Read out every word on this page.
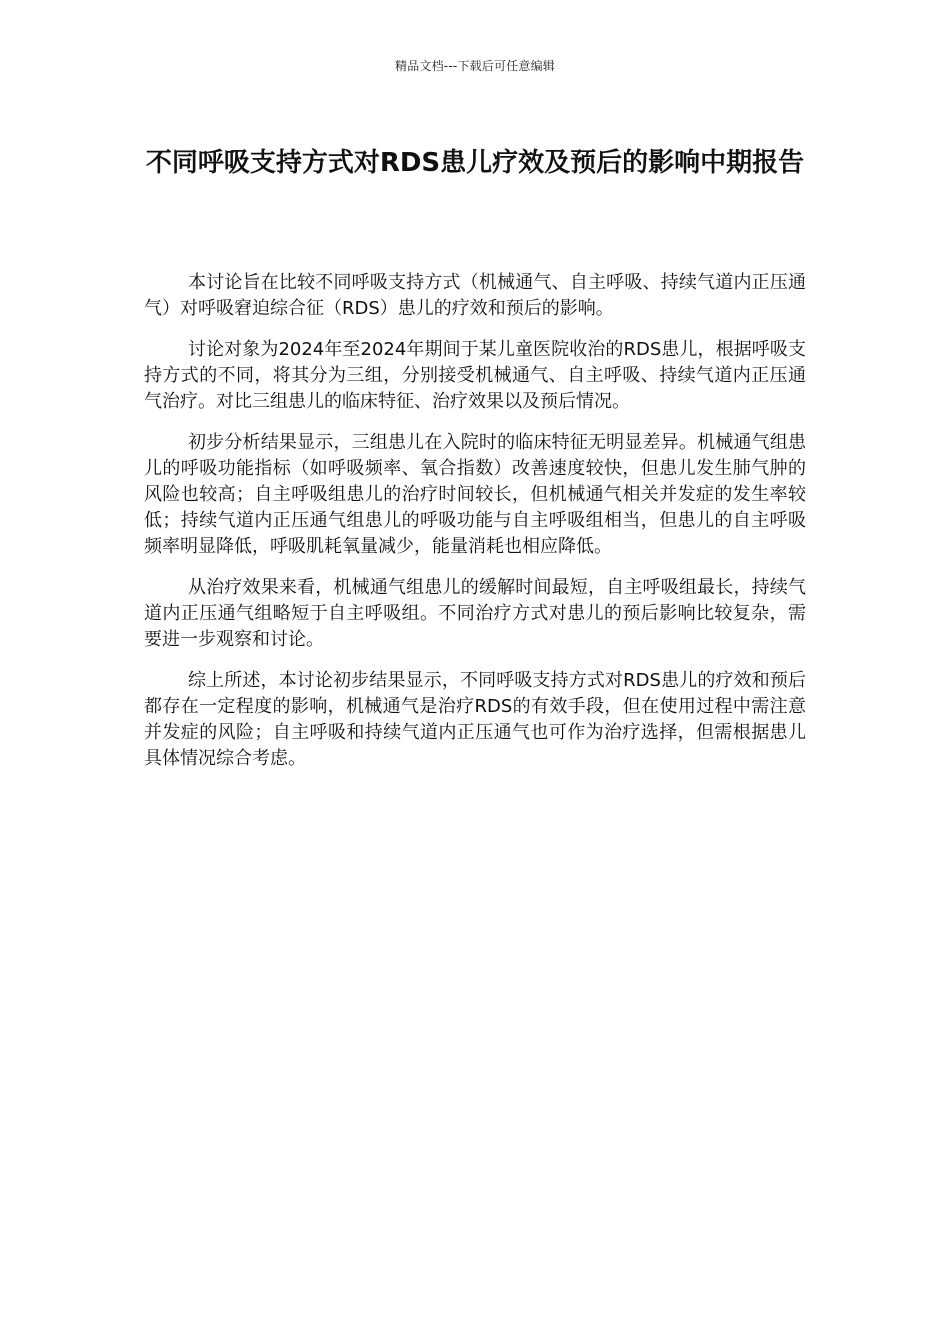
精品文档---下载后可任意编辑
不同呼吸支持方式对RDS患儿疗效及预后的影响中期报告

本讨论旨在比较不同呼吸支持方式（机械通气、自主呼吸、持续气道内正压通气）对呼吸窘迫综合征（RDS）患儿的疗效和预后的影响。

讨论对象为2024年至2024年期间于某儿童医院收治的RDS患儿，根据呼吸支持方式的不同，将其分为三组，分别接受机械通气、自主呼吸、持续气道内正压通气治疗。对比三组患儿的临床特征、治疗效果以及预后情况。

初步分析结果显示，三组患儿在入院时的临床特征无明显差异。机械通气组患儿的呼吸功能指标（如呼吸频率、氧合指数）改善速度较快，但患儿发生肺气肿的风险也较高；自主呼吸组患儿的治疗时间较长，但机械通气相关并发症的发生率较低；持续气道内正压通气组患儿的呼吸功能与自主呼吸组相当，但患儿的自主呼吸频率明显降低，呼吸肌耗氧量减少，能量消耗也相应降低。

从治疗效果来看，机械通气组患儿的缓解时间最短，自主呼吸组最长，持续气道内正压通气组略短于自主呼吸组。不同治疗方式对患儿的预后影响比较复杂，需要进一步观察和讨论。

综上所述，本讨论初步结果显示，不同呼吸支持方式对RDS患儿的疗效和预后都存在一定程度的影响，机械通气是治疗RDS的有效手段，但在使用过程中需注意并发症的风险；自主呼吸和持续气道内正压通气也可作为治疗选择，但需根据患儿具体情况综合考虑。
